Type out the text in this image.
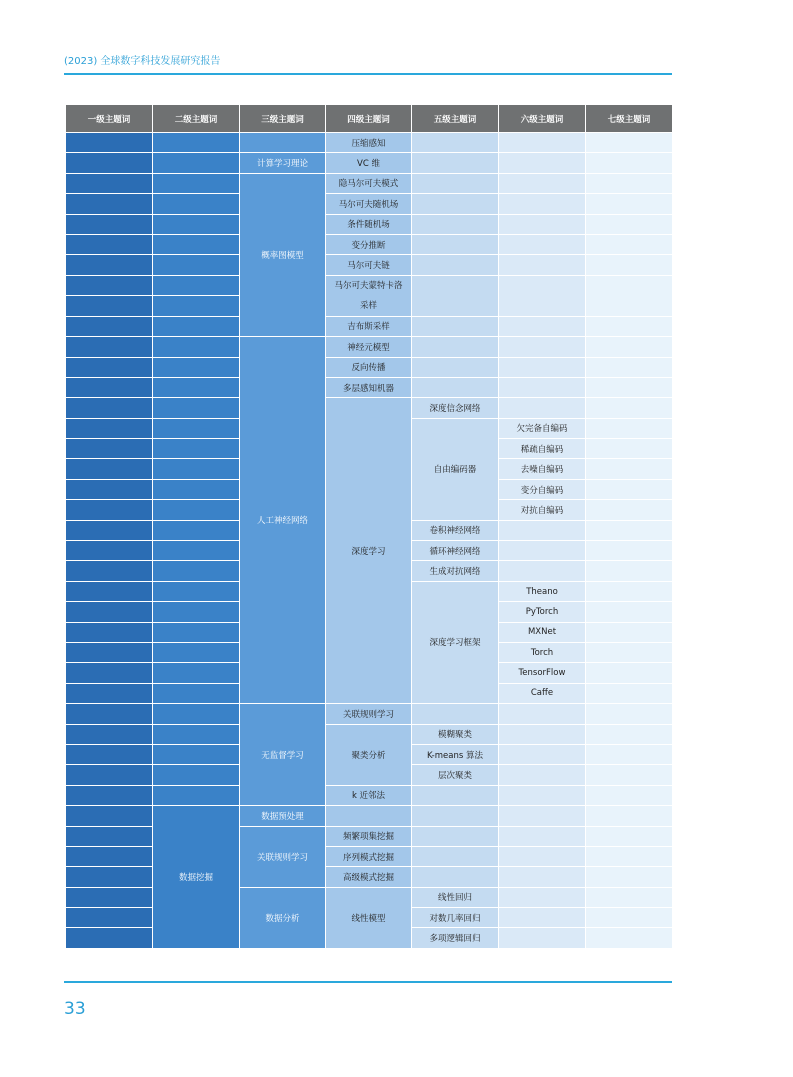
(2023) 全球数字科技发展研究报告
一级主题词	二级主题词	三级主题词	四级主题词	五级主题词	六级主题词	七级主题词
			压缩感知			
		计算学习理论	VC 维			
		概率图模型	隐马尔可夫模式			
			马尔可夫随机场			
			条件随机场			
			变分推断			
			马尔可夫链			
			马尔可夫蒙特卡洛采样			

			吉布斯采样			
		人工神经网络	神经元模型			
			反向传播			
			多层感知机器			
			深度学习	深度信念网络		
				自由编码器	欠完备自编码	
					稀疏自编码	
					去噪自编码	
					变分自编码	
					对抗自编码	
				卷积神经网络		
				循环神经网络		
				生成对抗网络		
				深度学习框架	Theano	
					PyTorch	
					MXNet	
					Torch	
					TensorFlow	
					Caffe	
		无监督学习	关联规则学习			
			聚类分析	模糊聚类		
				K-means 算法		
				层次聚类		
			k 近邻法			
	数据挖掘	数据预处理				
		关联规则学习	频繁项集挖掘			
			序列模式挖掘			
			高级模式挖掘			
		数据分析	线性模型	线性回归		
				对数几率回归		
				多项逻辑回归		
33
